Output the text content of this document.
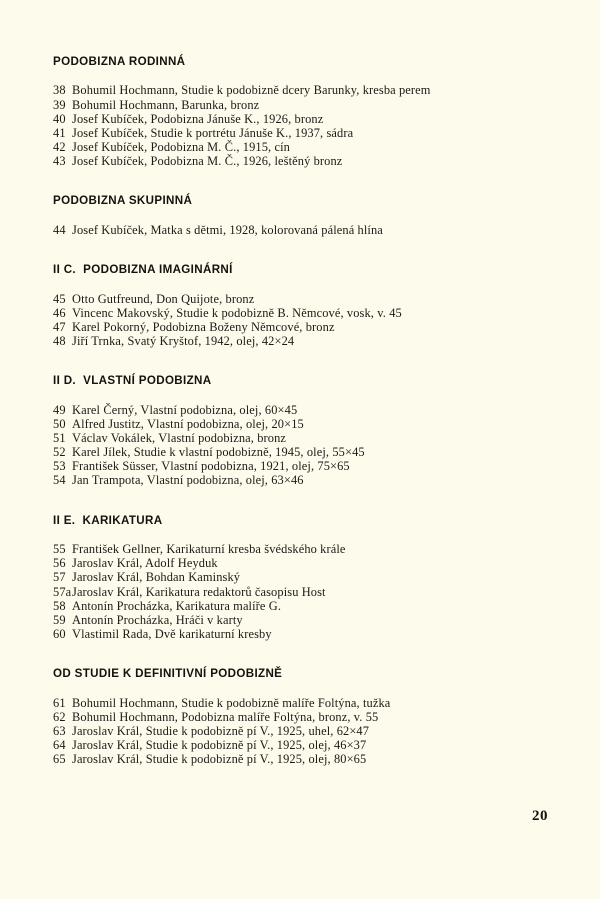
PODOBIZNA RODINNÁ
38 Bohumil Hochmann, Studie k podobizně dcery Barunky, kresba perem
39 Bohumil Hochmann, Barunka, bronz
40 Josef Kubíček, Podobizna Jánuše K., 1926, bronz
41 Josef Kubíček, Studie k portrétu Jánuše K., 1937, sádra
42 Josef Kubíček, Podobizna M. Č., 1915, cín
43 Josef Kubíček, Podobizna M. Č., 1926, leštěný bronz
PODOBIZNA SKUPINNÁ
44 Josef Kubíček, Matka s dětmi, 1928, kolorovaná pálená hlína
II C.  PODOBIZNA IMAGINÁRNÍ
45 Otto Gutfreund, Don Quijote, bronz
46 Vincenc Makovský, Studie k podobizně B. Němcové, vosk, v. 45
47 Karel Pokorný, Podobizna Boženy Němcové, bronz
48 Jiří Trnka, Svatý Kryštof, 1942, olej, 42×24
II D.  VLASTNÍ PODOBIZNA
49 Karel Černý, Vlastní podobizna, olej, 60×45
50 Alfred Justitz, Vlastní podobizna, olej, 20×15
51 Václav Vokálek, Vlastní podobizna, bronz
52 Karel Jílek, Studie k vlastní podobizně, 1945, olej, 55×45
53 František Süsser, Vlastní podobizna, 1921, olej, 75×65
54 Jan Trampota, Vlastní podobizna, olej, 63×46
II E.  KARIKATURA
55 František Gellner, Karikaturní kresba švédského krále
56 Jaroslav Král, Adolf Heyduk
57 Jaroslav Král, Bohdan Kaminský
57aJaroslav Král, Karikatura redaktorů časopisu Host
58 Antonín Procházka, Karikatura malíře G.
59 Antonín Procházka, Hráči v karty
60 Vlastimil Rada, Dvě karikaturní kresby
OD STUDIE K DEFINITIVNÍ PODOBIZNĚ
61 Bohumil Hochmann, Studie k podobizně malíře Foltýna, tužka
62 Bohumil Hochmann, Podobizna malíře Foltýna, bronz, v. 55
63 Jaroslav Král, Studie k podobizně pí V., 1925, uhel, 62×47
64 Jaroslav Král, Studie k podobizně pí V., 1925, olej, 46×37
65 Jaroslav Král, Studie k podobizně pí V., 1925, olej, 80×65
20
